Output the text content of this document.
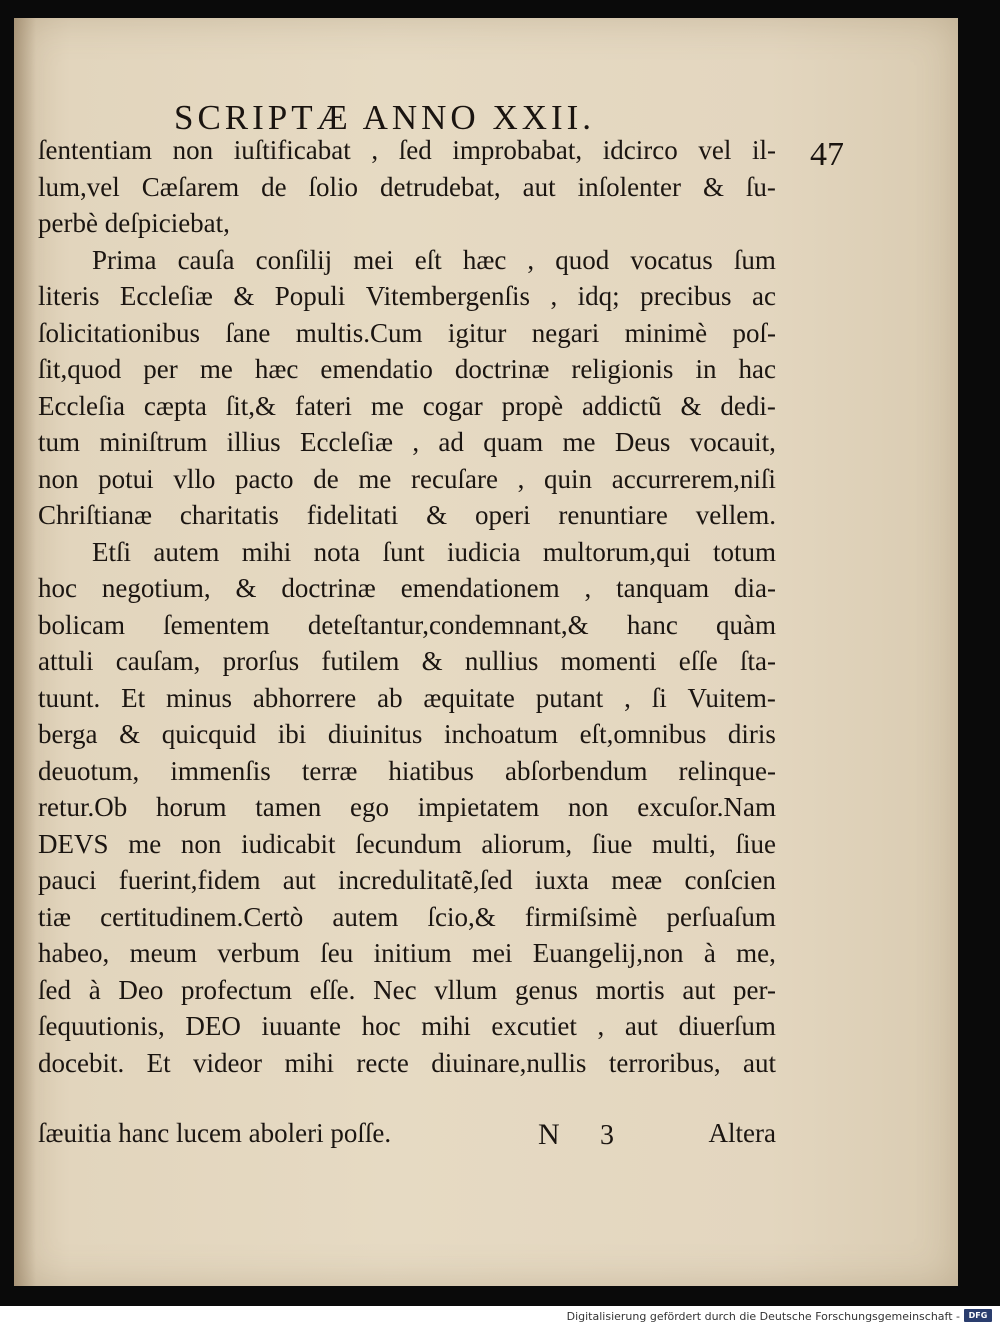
SCRIPTÆ ANNO XXII.
47
ſententiam non iuſtificabat , ſed improbabat, idcirco vel il-
lum,vel Cæſarem de ſolio detrudebat, aut inſolenter & ſu-
perbè deſpiciebat,
Prima cauſa conſilij mei eſt hæc , quod vocatus ſum
literis Eccleſiæ & Populi Vitembergenſis , idq; precibus ac
ſolicitationibus ſane multis.Cum igitur negari minimè poſ-
ſit,quod per me hæc emendatio doctrinæ religionis in hac
Eccleſia cæpta ſit,& fateri me cogar propè addictũ & dedi-
tum miniſtrum illius Eccleſiæ , ad quam me Deus vocauit,
non potui vllo pacto de me recuſare , quin accurrerem,niſi
Chriſtianæ charitatis fidelitati & operi renuntiare vellem.
Etſi autem mihi nota ſunt iudicia multorum,qui totum
hoc negotium, & doctrinæ emendationem , tanquam dia-
bolicam ſementem deteſtantur,condemnant,& hanc quàm
attuli cauſam, prorſus futilem & nullius momenti eſſe ſta-
tuunt. Et minus abhorrere ab æquitate putant , ſi Vuitem-
berga & quicquid ibi diuinitus inchoatum eſt,omnibus diris
deuotum, immenſis terræ hiatibus abſorbendum relinque-
retur.Ob horum tamen ego impietatem non excuſor.Nam
DEVS me non iudicabit ſecundum aliorum, ſiue multi, ſiue
pauci fuerint,fidem aut incredulitatẽ,ſed iuxta meæ conſcien
tiæ certitudinem.Certò autem ſcio,& firmiſsimè perſuaſum
habeo, meum verbum ſeu initium mei Euangelij,non à me,
ſed à Deo profectum eſſe. Nec vllum genus mortis aut per-
ſequutionis, DEO iuuante hoc mihi excutiet , aut diuerſum
docebit. Et videor mihi recte diuinare,nullis terroribus, aut
ſæuitia hanc lucem aboleri poſſe.	N 3	Altera
Digitalisierung gefördert durch die Deutsche Forschungsgemeinschaft -	DFG
